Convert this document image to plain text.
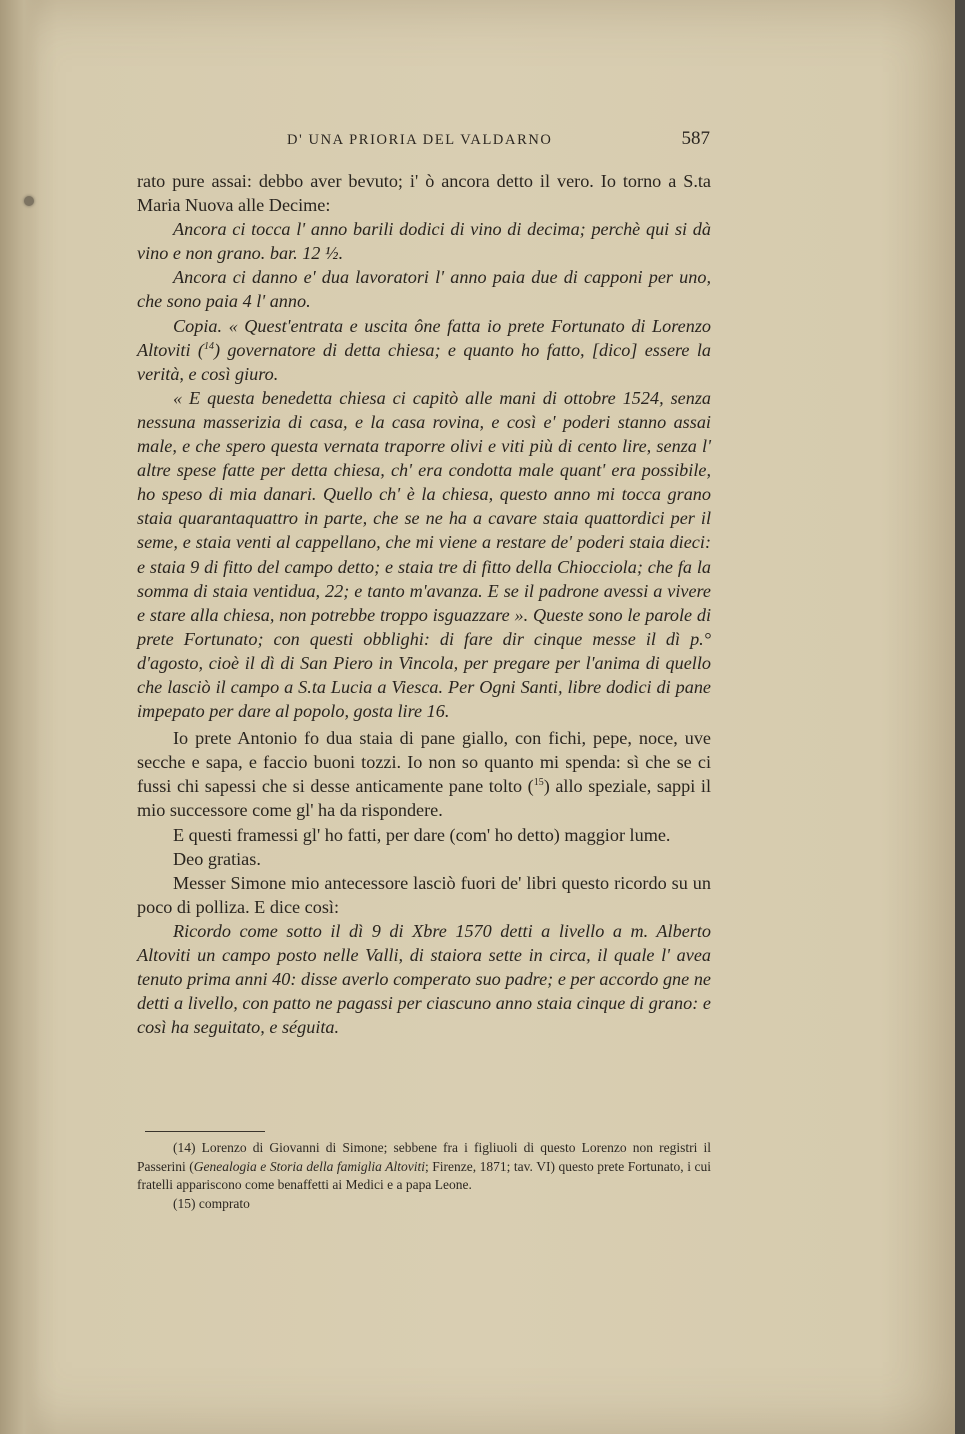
D' UNA PRIORIA DEL VALDARNO	587

rato pure assai: debbo aver bevuto; i' ò ancora detto il vero. Io torno a S.ta Maria Nuova alle Decime:

Ancora ci tocca l' anno barili dodici di vino di decima; perchè qui si dà vino e non grano. bar. 12 ½.

Ancora ci danno e' dua lavoratori l' anno paia due di capponi per uno, che sono paia 4 l' anno.

Copia. « Quest'entrata e uscita ône fatta io prete Fortunato di Lorenzo Altoviti ($^{14}$) governatore di detta chiesa; e quanto ho fatto, [dico] essere la verità, e così giuro.

« E questa benedetta chiesa ci capitò alle mani di ottobre 1524, senza nessuna masserizia di casa, e la casa rovina, e così e' poderi stanno assai male, e che spero questa vernata traporre olivi e viti più di cento lire, senza l' altre spese fatte per detta chiesa, ch' era condotta male quant' era possibile, ho speso di mia danari. Quello ch' è la chiesa, questo anno mi tocca grano staia quarantaquattro in parte, che se ne ha a cavare staia quattordici per il seme, e staia venti al cappellano, che mi viene a restare de' poderi staia dieci: e staia 9 di fitto del campo detto; e staia tre di fitto della Chiocciola; che fa la somma di staia ventidua, 22; e tanto m'avanza. E se il padrone avessi a vivere e stare alla chiesa, non potrebbe troppo isguazzare ». Queste sono le parole di prete Fortunato; con questi obblighi: di fare dir cinque messe il dì p.° d'agosto, cioè il dì di San Piero in Vincola, per pregare per l'anima di quello che lasciò il campo a S.ta Lucia a Viesca. Per Ogni Santi, libre dodici di pane impepato per dare al popolo, gosta lire 16.

Io prete Antonio fo dua staia di pane giallo, con fichi, pepe, noce, uve secche e sapa, e faccio buoni tozzi. Io non so quanto mi spenda: sì che se ci fussi chi sapessi che si desse anticamente pane tolto ($^{15}$) allo speziale, sappi il mio successore come gl' ha da rispondere.

E questi framessi gl' ho fatti, per dare (com' ho detto) maggior lume.

Deo gratias.

Messer Simone mio antecessore lasciò fuori de' libri questo ricordo su un poco di polliza. E dice così:

Ricordo come sotto il dì 9 di Xbre 1570 detti a livello a m. Alberto Altoviti un campo posto nelle Valli, di staiora sette in circa, il quale l' avea tenuto prima anni 40: disse averlo comperato suo padre; e per accordo gne ne detti a livello, con patto ne pagassi per ciascuno anno staia cinque di grano: e così ha seguitato, e séguita.

(14) Lorenzo di Giovanni di Simone; sebbene fra i figliuoli di questo Lorenzo non registri il Passerini (Genealogia e Storia della famiglia Altoviti; Firenze, 1871; tav. VI) questo prete Fortunato, i cui fratelli appariscono come benaffetti ai Medici e a papa Leone.

(15) comprato
